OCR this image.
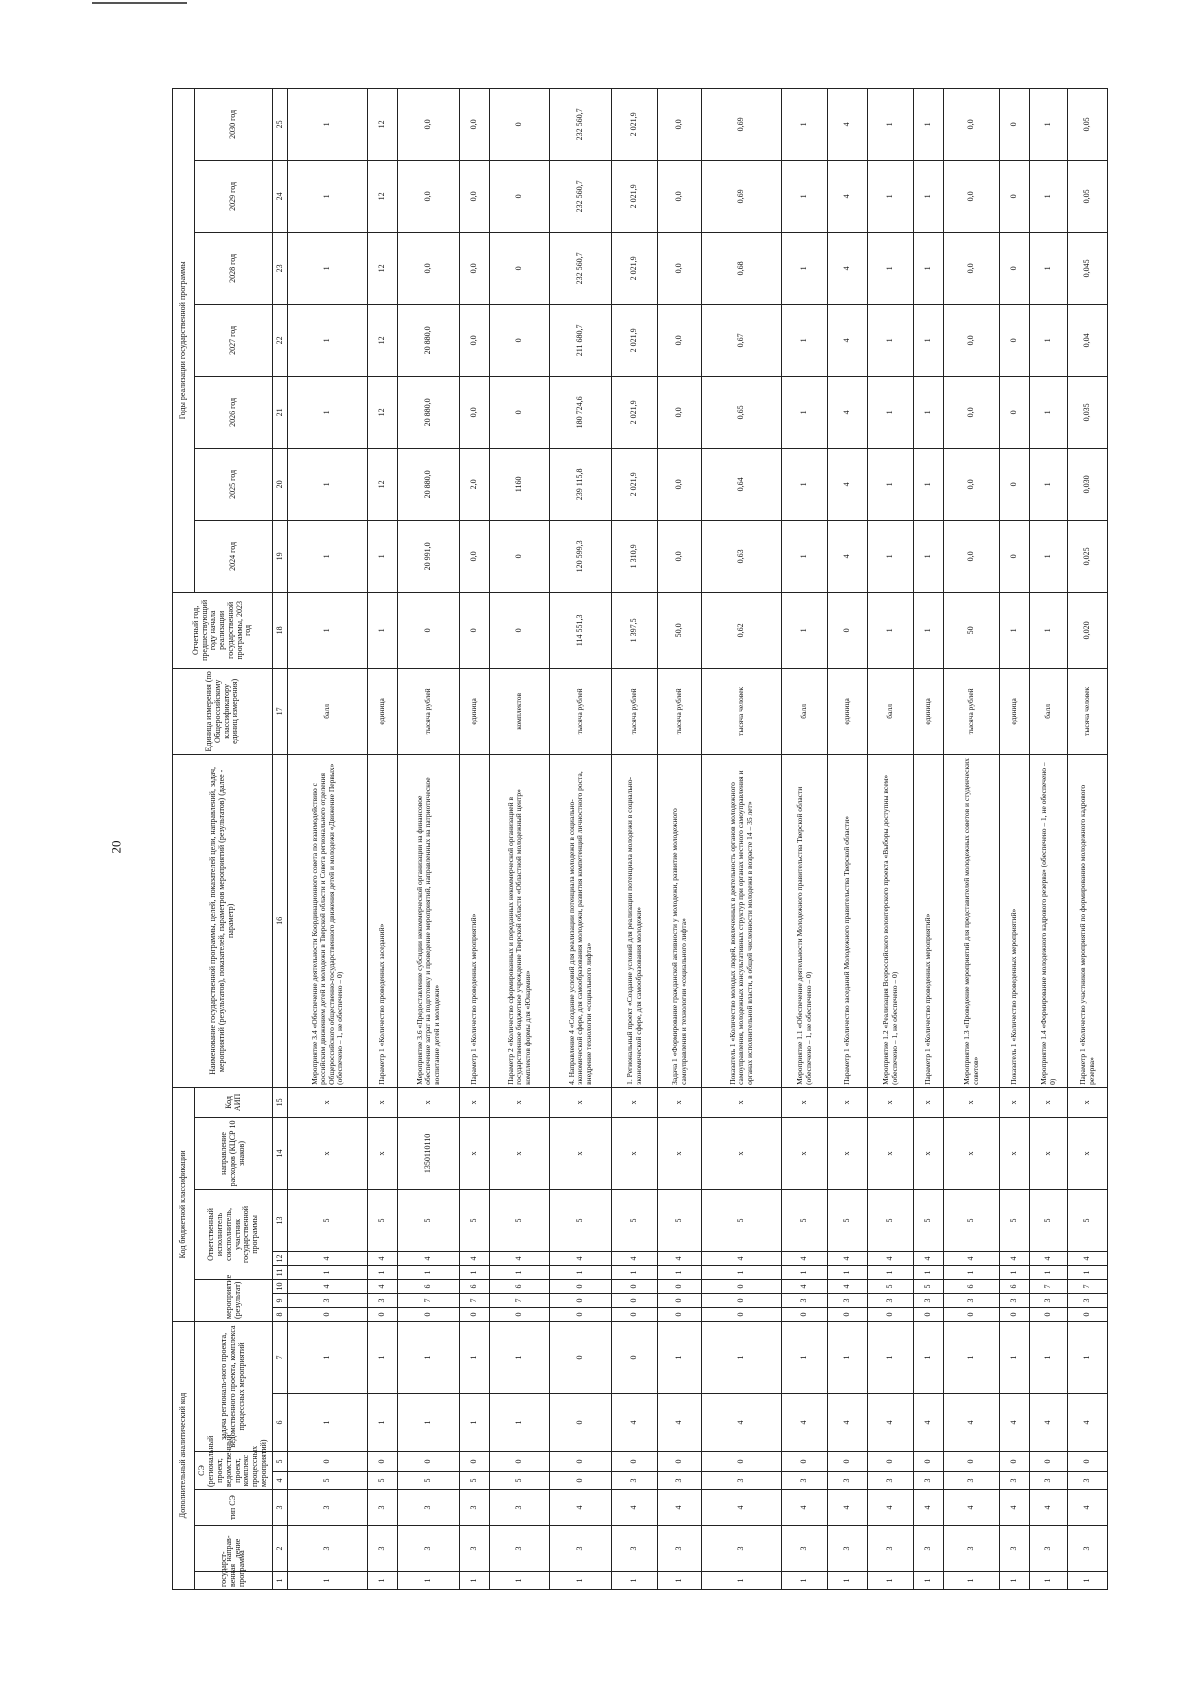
20
Дополнительный аналитический код							Код бюджетной классификации								Наименование государственной программы, целей, показателей цели, направлений, задач, мероприятий (результатов), показателей, параметров мероприятий (результатов) (далее - параметр)	Единица измерения (по Общероссийскому классификатору единиц измерения)	Отчетный год, предшествующий году начала реализации государственной программы, 2023 год	Годы реализации государственной программы						
государст-венная программа	направ-ление	тип СЭ	СЭ (региональный проект, ведомственный проект, комплекс процессных мероприятий)		задача региональ-ного проекта, ведомственного проекта, комплекса процессных мероприятий		мероприятие (результат)			Ответственный исполнитель соисполнитель, участник государственной программы			направление расходов (КЦСР 10 знаков)	Код АИП				2024 год	2025 год	2026 год	2027 год	2028 год	2029 год	2030 год

1	2	3	4	5	6	7	8	9	10	11	12	13	14	15	16	17	18	19	20	21	22	23	24	25
1	3	3	5	0	1	1	0	3	4	1	4	5	x	x	Мероприятие 3.4 «Обеспечение деятельности Координационного совета по взаимодействию с российским движением детей и молодежи в Тверской области и Совета регионального отделения Общероссийского общественно-государственного движения детей и молодежи «Движение Первых» (обеспечено – 1, не обеспечено – 0)	балл	1	1	1	1	1	1	1	1
1	3	3	5	0	1	1	0	3	4	1	4	5	x	x	Параметр 1 «Количество проведенных заседаний»	единица	1	1	12	12	12	12	12	12
1	3	3	5	0	1	1	0	7	6	1	4	5	1350110110	x	Мероприятие 3.6 «Предоставление субсидии некоммерческой организации на финансовое обеспечение затрат на подготовку и проведение мероприятий, направленных на патриотическое воспитание детей и молодежи»	тысяча рублей	0	20 991,0	20 880,0	20 880,0	20 880,0	0,0	0,0	0,0
1	3	3	5	0	1	1	0	7	6	1	4	5	x	x	Параметр 1 «Количество проведенных мероприятий»	единица	0	0,0	2,0	0,0	0,0	0,0	0,0	0,0
1	3	3	5	0	1	1	0	7	6	1	4	5	x	x	Параметр 2 «Количество сформированных и переданных некоммерческой организацией в государственное бюджетное учреждение Тверской области «Областной молодежный центр» комплектов формы для «Юнармии»	комплектов	0	0	1160	0	0	0	0	0
1	3	4	0	0	0	0	0	0	0	1	4	5	x	x	4. Направление 4 «Создание условий для реализации потенциала молодежи в социально-экономической сфере, для самообразования молодежи, развития компетенций личностного роста, внедрение технологии «социального лифта»	тысяча рублей	114 551,3	120 599,3	239 115,8	180 724,6	211 680,7	232 560,7	232 560,7	232 560,7
1	3	4	3	0	4	0	0	0	0	1	4	5	x	x	1. Региональный проект «Создание условий для реализации потенциала молодежи в социально-экономической сфере, для самообразования молодежи»	тысяча рублей	1 397,5	1 310,9	2 021,9	2 021,9	2 021,9	2 021,9	2 021,9	2 021,9
1	3	4	3	0	4	1	0	0	0	1	4	5	x	x	Задача 1 «Формирование гражданской активности у молодежи, развитие молодежного самоуправления и технологии «социального лифта»	тысяча рублей	50,0	0,0	0,0	0,0	0,0	0,0	0,0	0,0
1	3	4	3	0	4	1	0	0	0	1	4	5	x	x	Показатель 1 «Количество молодых людей, вовлеченных в деятельность органов молодежного самоуправления, молодежных консультативных структур при органах местного самоуправления и органах исполнительной власти, в общей численности молодежи в возрасте 14 – 35 лет»	тысяча человек	0,62	0,63	0,64	0,65	0,67	0,68	0,69	0,69
1	3	4	3	0	4	1	0	3	4	1	4	5	x	x	Мероприятие 1.1 «Обеспечение деятельности Молодежного правительства Тверской области (обеспечено – 1, не обеспечено – 0)	балл	1	1	1	1	1	1	1	1
1	3	4	3	0	4	1	0	3	4	1	4	5	x	x	Параметр 1 «Количество заседаний Молодежного правительства Тверской области»	единица	0	4	4	4	4	4	4	4
1	3	4	3	0	4	1	0	3	5	1	4	5	x	x	Мероприятие 1.2 «Реализация Всероссийского волонтерского проекта «Выборы доступны всем» (обеспечено – 1, не обеспечено – 0)	балл	1	1	1	1	1	1	1	1
1	3	4	3	0	4	1	0	3	5	1	4	5	x	x	Параметр 1 «Количество проведенных мероприятий»	единица	1	1	1	1	1	1	1	1
1	3	4	3	0	4	1	0	3	6	1	4	5	x	x	Мероприятие 1.3 «Проведение мероприятий для представителей молодежных советов и студенческих советов»	тысяча рублей	50	0,0	0,0	0,0	0,0	0,0	0,0	0,0
1	3	4	3	0	4	1	0	3	6	1	4	5	x	x	Показатель 1 «Количество проведенных мероприятий»	единица	1	0	0	0	0	0	0	0
1	3	4	3	0	4	1	0	3	7	1	4	5	x	x	Мероприятие 1.4 «Формирование молодежного кадрового резерва» (обеспечено – 1, не обеспечено – 0)	балл	1	1	1	1	1	1	1	1
1	3	4	3	0	4	1	0	3	7	1	4	5	x	x	Параметр 1 «Количество участников мероприятий по формированию молодежного кадрового резерва»	тысяча человек	0,020	0,025	0,030	0,035	0,04	0,045	0,05	0,05
